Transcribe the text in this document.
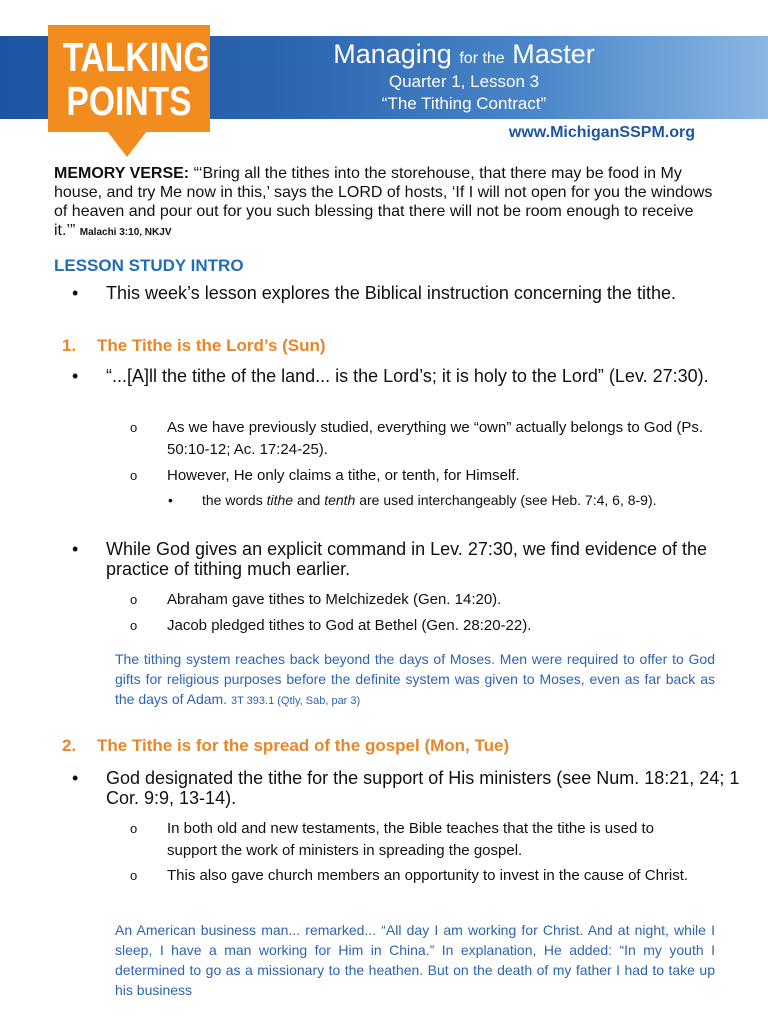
TALKING
POINTS
Managing for the Master
Quarter 1, Lesson 3
“The Tithing Contract”
www.MichiganSSPM.org
MEMORY VERSE: “‘Bring all the tithes into the storehouse, that there may be food in My house, and try Me now in this,’ says the LORD of hosts, ‘If I will not open for you the windows of heaven and pour out for you such blessing that there will not be room enough to receive it.’” Malachi 3:10, NKJV
LESSON STUDY INTRO
•	This week’s lesson explores the Biblical instruction concerning the tithe.
1. The Tithe is the Lord’s (Sun)
•	“...[A]ll the tithe of the land... is the Lord’s; it is holy to the Lord” (Lev. 27:30).
o As we have previously studied, everything we “own” actually belongs to God (Ps. 50:10-12; Ac. 17:24-25).
o However, He only claims a tithe, or tenth, for Himself.
• the words tithe and tenth are used interchangeably (see Heb. 7:4, 6, 8-9).
•	While God gives an explicit command in Lev. 27:30, we find evidence of the practice of tithing much earlier.
o Abraham gave tithes to Melchizedek (Gen. 14:20).
o Jacob pledged tithes to God at Bethel (Gen. 28:20-22).
The tithing system reaches back beyond the days of Moses. Men were required to offer to God gifts for religious purposes before the definite system was given to Moses, even as far back as the days of Adam. 3T 393.1 (Qtly, Sab, par 3)
2. The Tithe is for the spread of the gospel (Mon, Tue)
•	God designated the tithe for the support of His ministers (see Num. 18:21, 24; 1 Cor. 9:9, 13-14).
o In both old and new testaments, the Bible teaches that the tithe is used to support the work of ministers in spreading the gospel.
o This also gave church members an opportunity to invest in the cause of Christ.
An American business man... remarked... “All day I am working for Christ. And at night, while I sleep, I have a man working for Him in China.” In explanation, He added: “In my youth I determined to go as a missionary to the heathen. But on the death of my father I had to take up his business
